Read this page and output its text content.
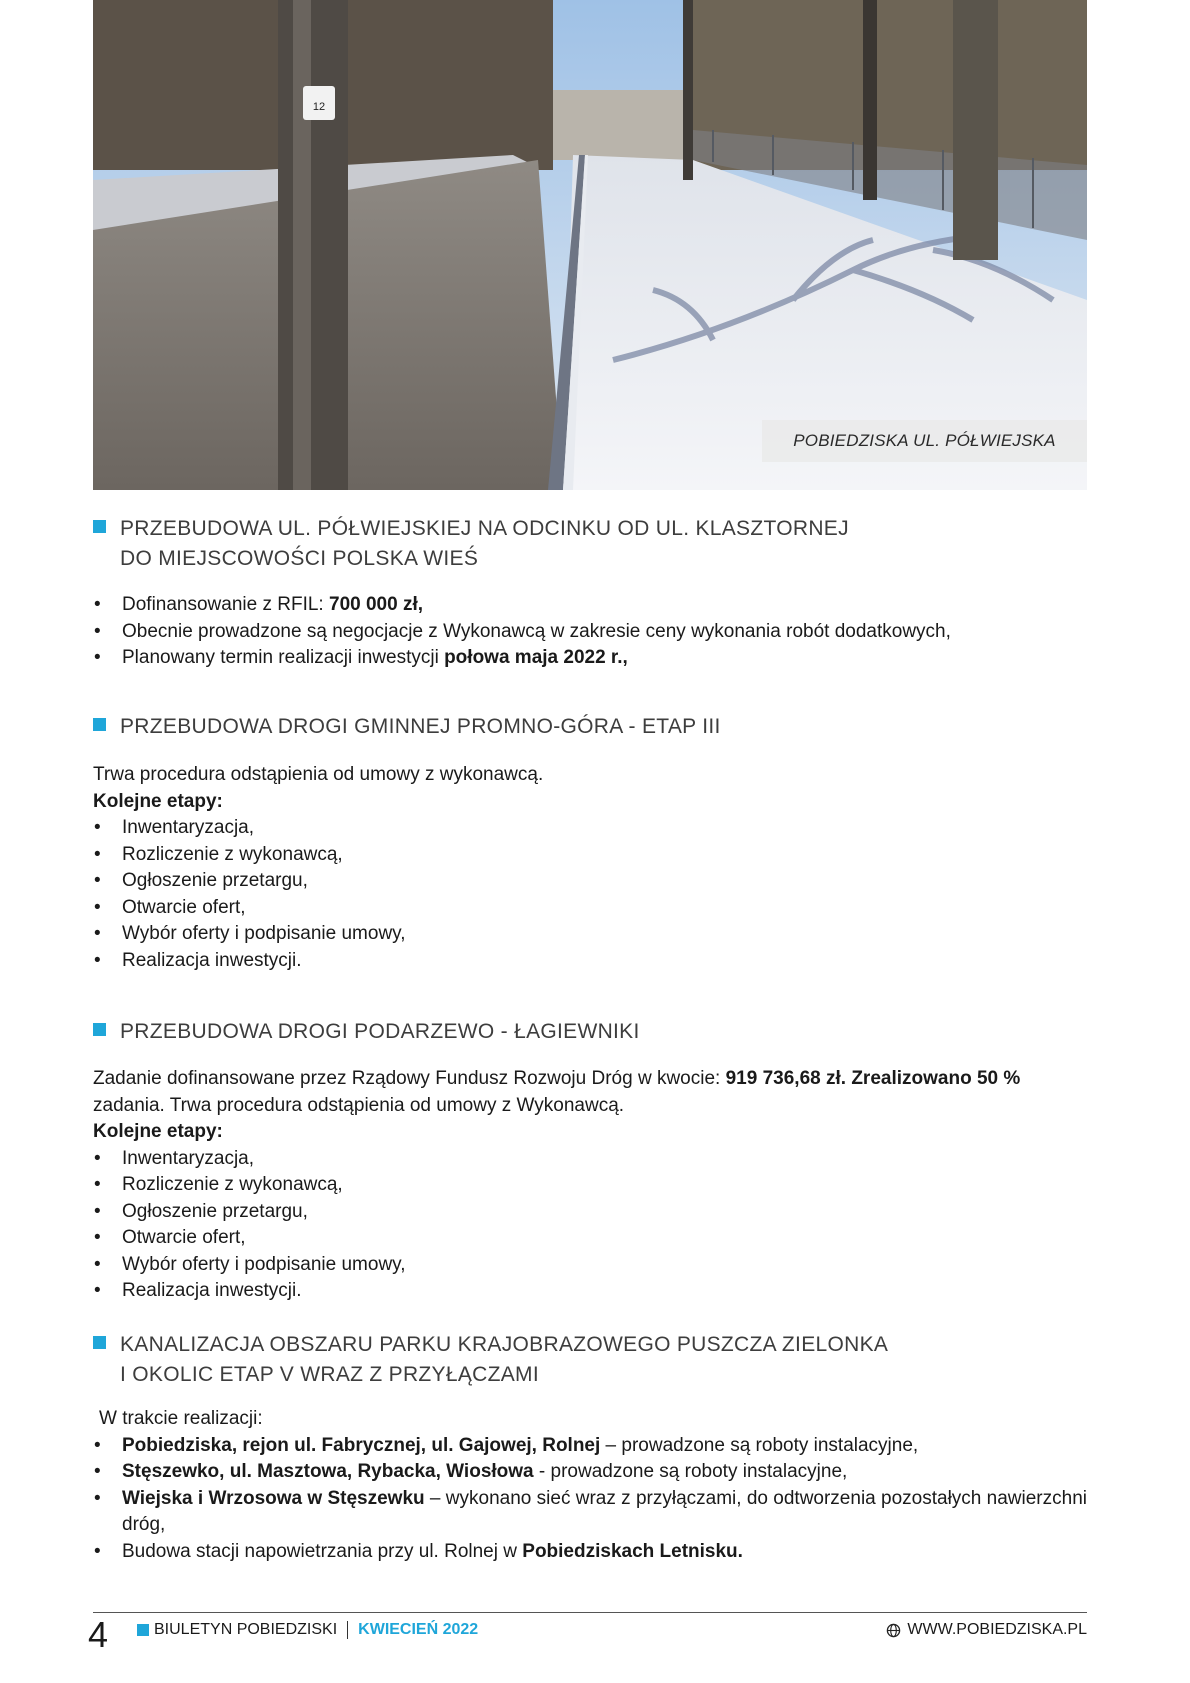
12
POBIEDZISKA UL. PÓŁWIEJSKA
PRZEBUDOWA UL. PÓŁWIEJSKIEJ NA ODCINKU OD UL. KLASZTORNEJ
DO MIEJSCOWOŚCI POLSKA WIEŚ
• Dofinansowanie z RFIL: 700 000 zł,
• Obecnie prowadzone są negocjacje z Wykonawcą w zakresie ceny wykonania robót dodatkowych,
• Planowany termin realizacji inwestycji połowa maja 2022 r.,
PRZEBUDOWA DROGI GMINNEJ PROMNO-GÓRA - ETAP III

Trwa procedura odstąpienia od umowy z wykonawcą.

Kolejne etapy:

• Inwentaryzacja,
• Rozliczenie z wykonawcą,
• Ogłoszenie przetargu,
• Otwarcie ofert,
• Wybór oferty i podpisanie umowy,
• Realizacja inwestycji.
PRZEBUDOWA DROGI PODARZEWO - ŁAGIEWNIKI

Zadanie dofinansowane przez Rządowy Fundusz Rozwoju Dróg w kwocie: 919 736,68 zł. Zrealizowano 50 %
zadania. Trwa procedura odstąpienia od umowy z Wykonawcą.

Kolejne etapy:

• Inwentaryzacja,
• Rozliczenie z wykonawcą,
• Ogłoszenie przetargu,
• Otwarcie ofert,
• Wybór oferty i podpisanie umowy,
• Realizacja inwestycji.
KANALIZACJA OBSZARU PARKU KRAJOBRAZOWEGO PUSZCZA ZIELONKA
I OKOLIC ETAP V WRAZ Z PRZYŁĄCZAMI

W trakcie realizacji:

• Pobiedziska, rejon ul. Fabrycznej, ul. Gajowej, Rolnej – prowadzone są roboty instalacyjne,
• Stęszewko, ul. Masztowa, Rybacka, Wiosłowa - prowadzone są roboty instalacyjne,
• Wiejska i Wrzosowa w Stęszewku – wykonano sieć wraz z przyłączami, do odtworzenia pozostałych nawierzchni dróg,
• Budowa stacji napowietrzania przy ul. Rolnej w Pobiedziskach Letnisku.
4	BIULETYN POBIEDZISKI KWIECIEŃ 2022	WWW.POBIEDZISKA.PL
